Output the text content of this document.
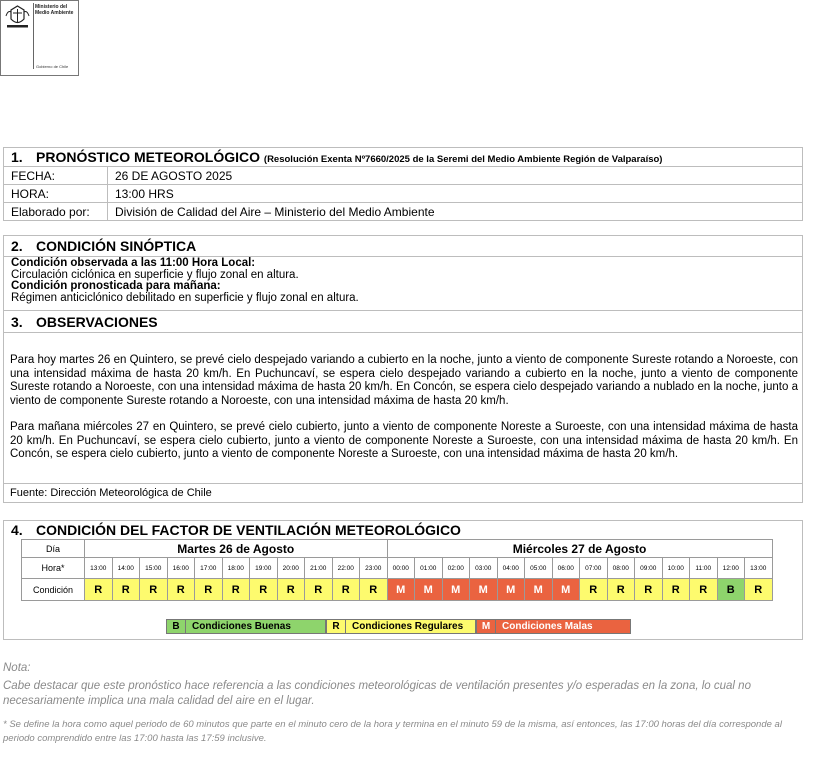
Ministerio del Medio Ambiente
Gobierno de Chile
1. PRONÓSTICO METEOROLÓGICO (Resolución Exenta Nº7660/2025 de la Seremi del Medio Ambiente Región de Valparaíso)
FECHA:	26 DE AGOSTO 2025
HORA:	13:00 HRS
Elaborado por:	División de Calidad del Aire – Ministerio del Medio Ambiente
2. CONDICIÓN SINÓPTICA
Condición observada a las 11:00 Hora Local:
Circulación ciclónica en superficie y flujo zonal en altura.
Condición pronosticada para mañana:
Régimen anticiclónico debilitado en superficie y flujo zonal en altura.
3. OBSERVACIONES

Para hoy martes 26 en Quintero, se prevé cielo despejado variando a cubierto en la noche, junto a viento de componente Sureste rotando a Noroeste, con una intensidad máxima de hasta 20 km/h. En Puchuncaví, se espera cielo despejado variando a cubierto en la noche, junto a viento de componente Sureste rotando a Noroeste, con una intensidad máxima de hasta 20 km/h. En Concón, se espera cielo despejado variando a nublado en la noche, junto a viento de componente Sureste rotando a Noroeste, con una intensidad máxima de hasta 20 km/h.

Para mañana miércoles 27 en Quintero, se prevé cielo cubierto, junto a viento de componente Noreste a Suroeste, con una intensidad máxima de hasta 20 km/h. En Puchuncaví, se espera cielo cubierto, junto a viento de componente Noreste a Suroeste, con una intensidad máxima de hasta 20 km/h. En Concón, se espera cielo cubierto, junto a viento de componente Noreste a Suroeste, con una intensidad máxima de hasta 20 km/h.

Fuente: Dirección Meteorológica de Chile
4. CONDICIÓN DEL FACTOR DE VENTILACIÓN METEOROLÓGICO
Día	Martes 26 de Agosto											Miércoles 27 de Agosto													
Hora*	13:00	14:00	15:00	16:00	17:00	18:00	19:00	20:00	21:00	22:00	23:00	00:00	01:00	02:00	03:00	04:00	05:00	06:00	07:00	08:00	09:00	10:00	11:00	12:00	13:00
Condición	R	R	R	R	R	R	R	R	R	R	R	M	M	M	M	M	M	M	R	R	R	R	R	B	R
B	Condiciones Buenas	R	Condiciones Regulares	M	Condiciones Malas
Nota:
Cabe destacar que este pronóstico hace referencia a las condiciones meteorológicas de ventilación presentes y/o esperadas en la zona, lo cual no necesariamente implica una mala calidad del aire en el lugar.
* Se define la hora como aquel periodo de 60 minutos que parte en el minuto cero de la hora y termina en el minuto 59 de la misma, así entonces, las 17:00 horas del día corresponde al periodo comprendido entre las 17:00 hasta las 17:59 inclusive.
